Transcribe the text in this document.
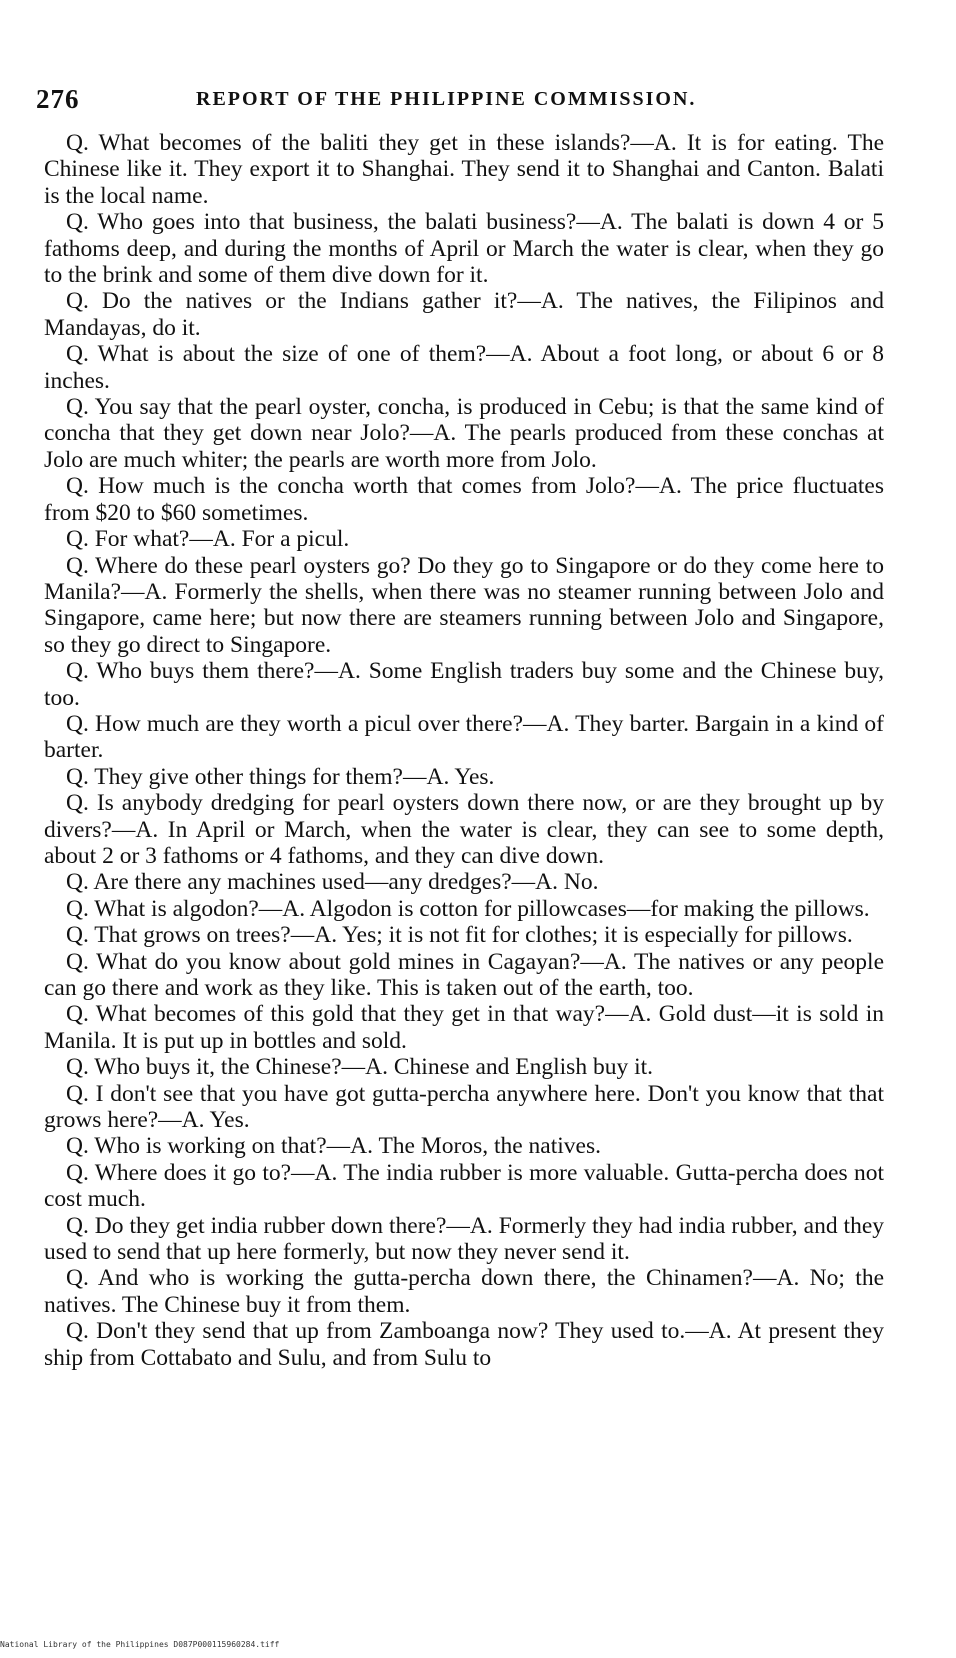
276	REPORT OF THE PHILIPPINE COMMISSION.

Q. What becomes of the baliti they get in these islands?—A. It is for eating. The Chinese like it. They export it to Shanghai. They send it to Shanghai and Canton. Balati is the local name.

Q. Who goes into that business, the balati business?—A. The balati is down 4 or 5 fathoms deep, and during the months of April or March the water is clear, when they go to the brink and some of them dive down for it.

Q. Do the natives or the Indians gather it?—A. The natives, the Filipinos and Mandayas, do it.

Q. What is about the size of one of them?—A. About a foot long, or about 6 or 8 inches.

Q. You say that the pearl oyster, concha, is produced in Cebu; is that the same kind of concha that they get down near Jolo?—A. The pearls produced from these conchas at Jolo are much whiter; the pearls are worth more from Jolo.

Q. How much is the concha worth that comes from Jolo?—A. The price fluctuates from $20 to $60 sometimes.

Q. For what?—A. For a picul.

Q. Where do these pearl oysters go? Do they go to Singapore or do they come here to Manila?—A. Formerly the shells, when there was no steamer running between Jolo and Singapore, came here; but now there are steamers running between Jolo and Singapore, so they go direct to Singapore.

Q. Who buys them there?—A. Some English traders buy some and the Chinese buy, too.

Q. How much are they worth a picul over there?—A. They barter. Bargain in a kind of barter.

Q. They give other things for them?—A. Yes.

Q. Is anybody dredging for pearl oysters down there now, or are they brought up by divers?—A. In April or March, when the water is clear, they can see to some depth, about 2 or 3 fathoms or 4 fathoms, and they can dive down.

Q. Are there any machines used—any dredges?—A. No.

Q. What is algodon?—A. Algodon is cotton for pillowcases—for making the pillows.

Q. That grows on trees?—A. Yes; it is not fit for clothes; it is especially for pillows.

Q. What do you know about gold mines in Cagayan?—A. The natives or any people can go there and work as they like. This is taken out of the earth, too.

Q. What becomes of this gold that they get in that way?—A. Gold dust—it is sold in Manila. It is put up in bottles and sold.

Q. Who buys it, the Chinese?—A. Chinese and English buy it.

Q. I don't see that you have got gutta-percha anywhere here. Don't you know that that grows here?—A. Yes.

Q. Who is working on that?—A. The Moros, the natives.

Q. Where does it go to?—A. The india rubber is more valuable. Gutta-percha does not cost much.

Q. Do they get india rubber down there?—A. Formerly they had india rubber, and they used to send that up here formerly, but now they never send it.

Q. And who is working the gutta-percha down there, the Chinamen?—A. No; the natives. The Chinese buy it from them.

Q. Don't they send that up from Zamboanga now? They used to.—A. At present they ship from Cottabato and Sulu, and from Sulu to

National Library of the Philippines D087P000115960284.tiff
